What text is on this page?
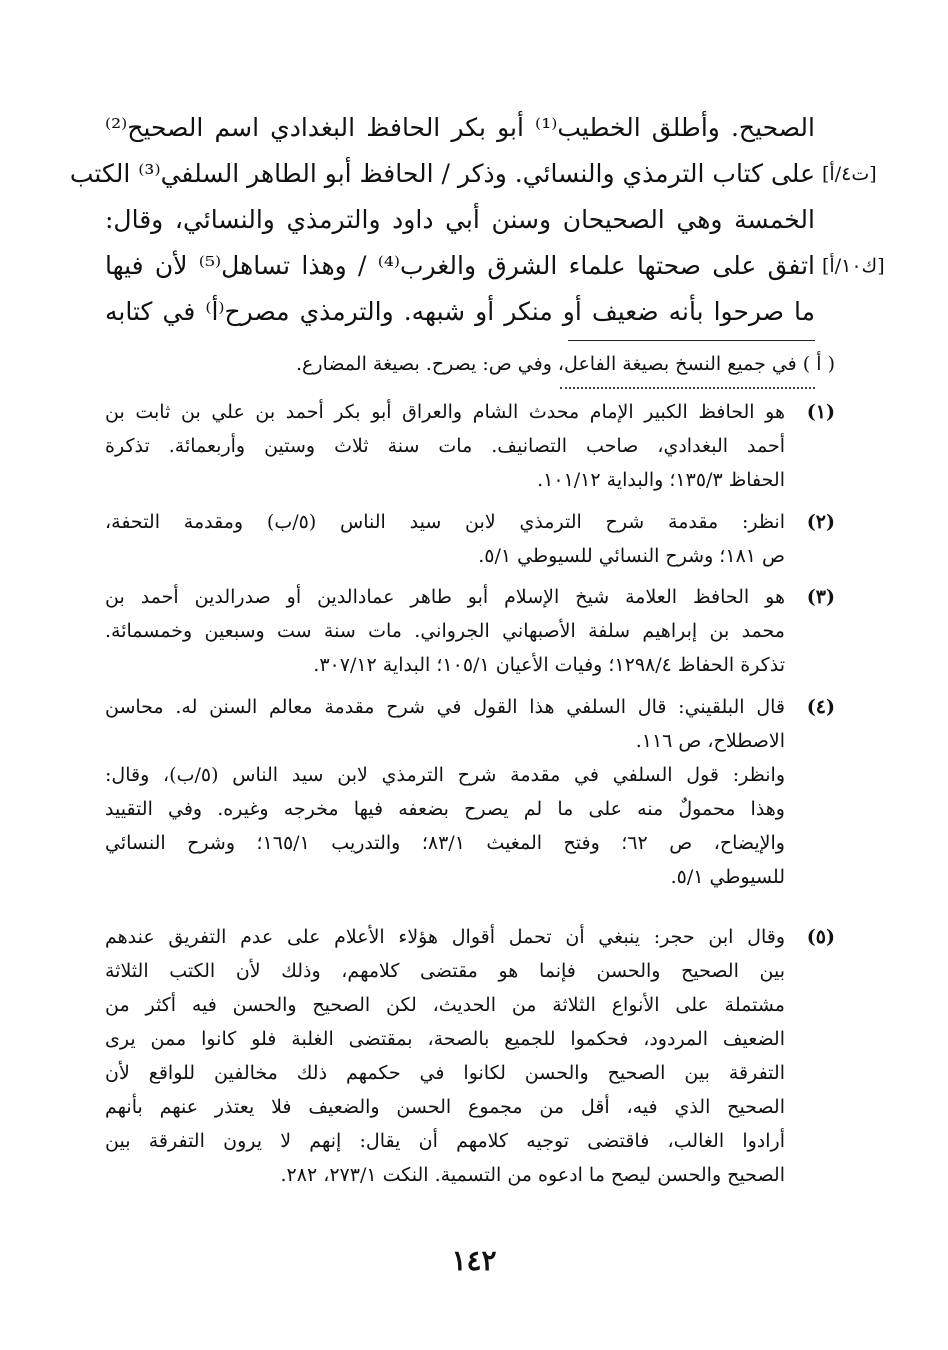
الصحيح. وأطلق الخطيب⁽¹⁾ أبو بكر الحافظ البغدادي اسم الصحيح⁽²⁾
على كتاب الترمذي والنسائي. وذكر / الحافظ أبو الطاهر السلفي⁽³⁾ الكتب
الخمسة وهي الصحيحان وسنن أبي داود والترمذي والنسائي، وقال:
اتفق على صحتها علماء الشرق والغرب⁽⁴⁾ / وهذا تساهل⁽⁵⁾ لأن فيها
ما صرحوا بأنه ضعيف أو منكر أو شبهه. والترمذي مصرح⁽أ⁾ في كتابه
[ت٤/أ]
[ك١٠/أ]
( أ ) في جميع النسخ بصيغة الفاعل، وفي ص: يصرح. بصيغة المضارع.
(١)
هو الحافظ الكبير الإمام محدث الشام والعراق أبو بكر أحمد بن علي بن ثابت بن
أحمد البغدادي، صاحب التصانيف. مات سنة ثلاث وستين وأربعمائة. تذكرة
الحفاظ ١٣٥/٣؛ والبداية ١٠١/١٢.
(٢)
انظر: مقدمة شرح الترمذي لابن سيد الناس (٥/ب) ومقدمة التحفة،
ص ١٨١؛ وشرح النسائي للسيوطي ٥/١.
(٣)
هو الحافظ العلامة شيخ الإسلام أبو طاهر عمادالدين أو صدرالدين أحمد بن
محمد بن إبراهيم سلفة الأصبهاني الجرواني. مات سنة ست وسبعين وخمسمائة.
تذكرة الحفاظ ١٢٩٨/٤؛ وفيات الأعيان ١٠٥/١؛ البداية ٣٠٧/١٢.
(٤)
قال البلقيني: قال السلفي هذا القول في شرح مقدمة معالم السنن له. محاسن
الاصطلاح، ص ١١٦.
وانظر: قول السلفي في مقدمة شرح الترمذي لابن سيد الناس (٥/ب)، وقال:
وهذا محمولٌ منه على ما لم يصرح بضعفه فيها مخرجه وغيره. وفي التقييد
والإيضاح، ص ٦٢؛ وفتح المغيث ٨٣/١؛ والتدريب ١٦٥/١؛ وشرح النسائي
للسيوطي ٥/١.
(٥)
وقال ابن حجر: ينبغي أن تحمل أقوال هؤلاء الأعلام على عدم التفريق عندهم
بين الصحيح والحسن فإنما هو مقتضى كلامهم، وذلك لأن الكتب الثلاثة
مشتملة على الأنواع الثلاثة من الحديث، لكن الصحيح والحسن فيه أكثر من
الضعيف المردود، فحكموا للجميع بالصحة، بمقتضى الغلبة فلو كانوا ممن يرى
التفرقة بين الصحيح والحسن لكانوا في حكمهم ذلك مخالفين للواقع لأن
الصحيح الذي فيه، أقل من مجموع الحسن والضعيف فلا يعتذر عنهم بأنهم
أرادوا الغالب، فاقتضى توجيه كلامهم أن يقال: إنهم لا يرون التفرقة بين
الصحيح والحسن ليصح ما ادعوه من التسمية. النكت ٢٧٣/١، ٢٨٢.
١٤٢
